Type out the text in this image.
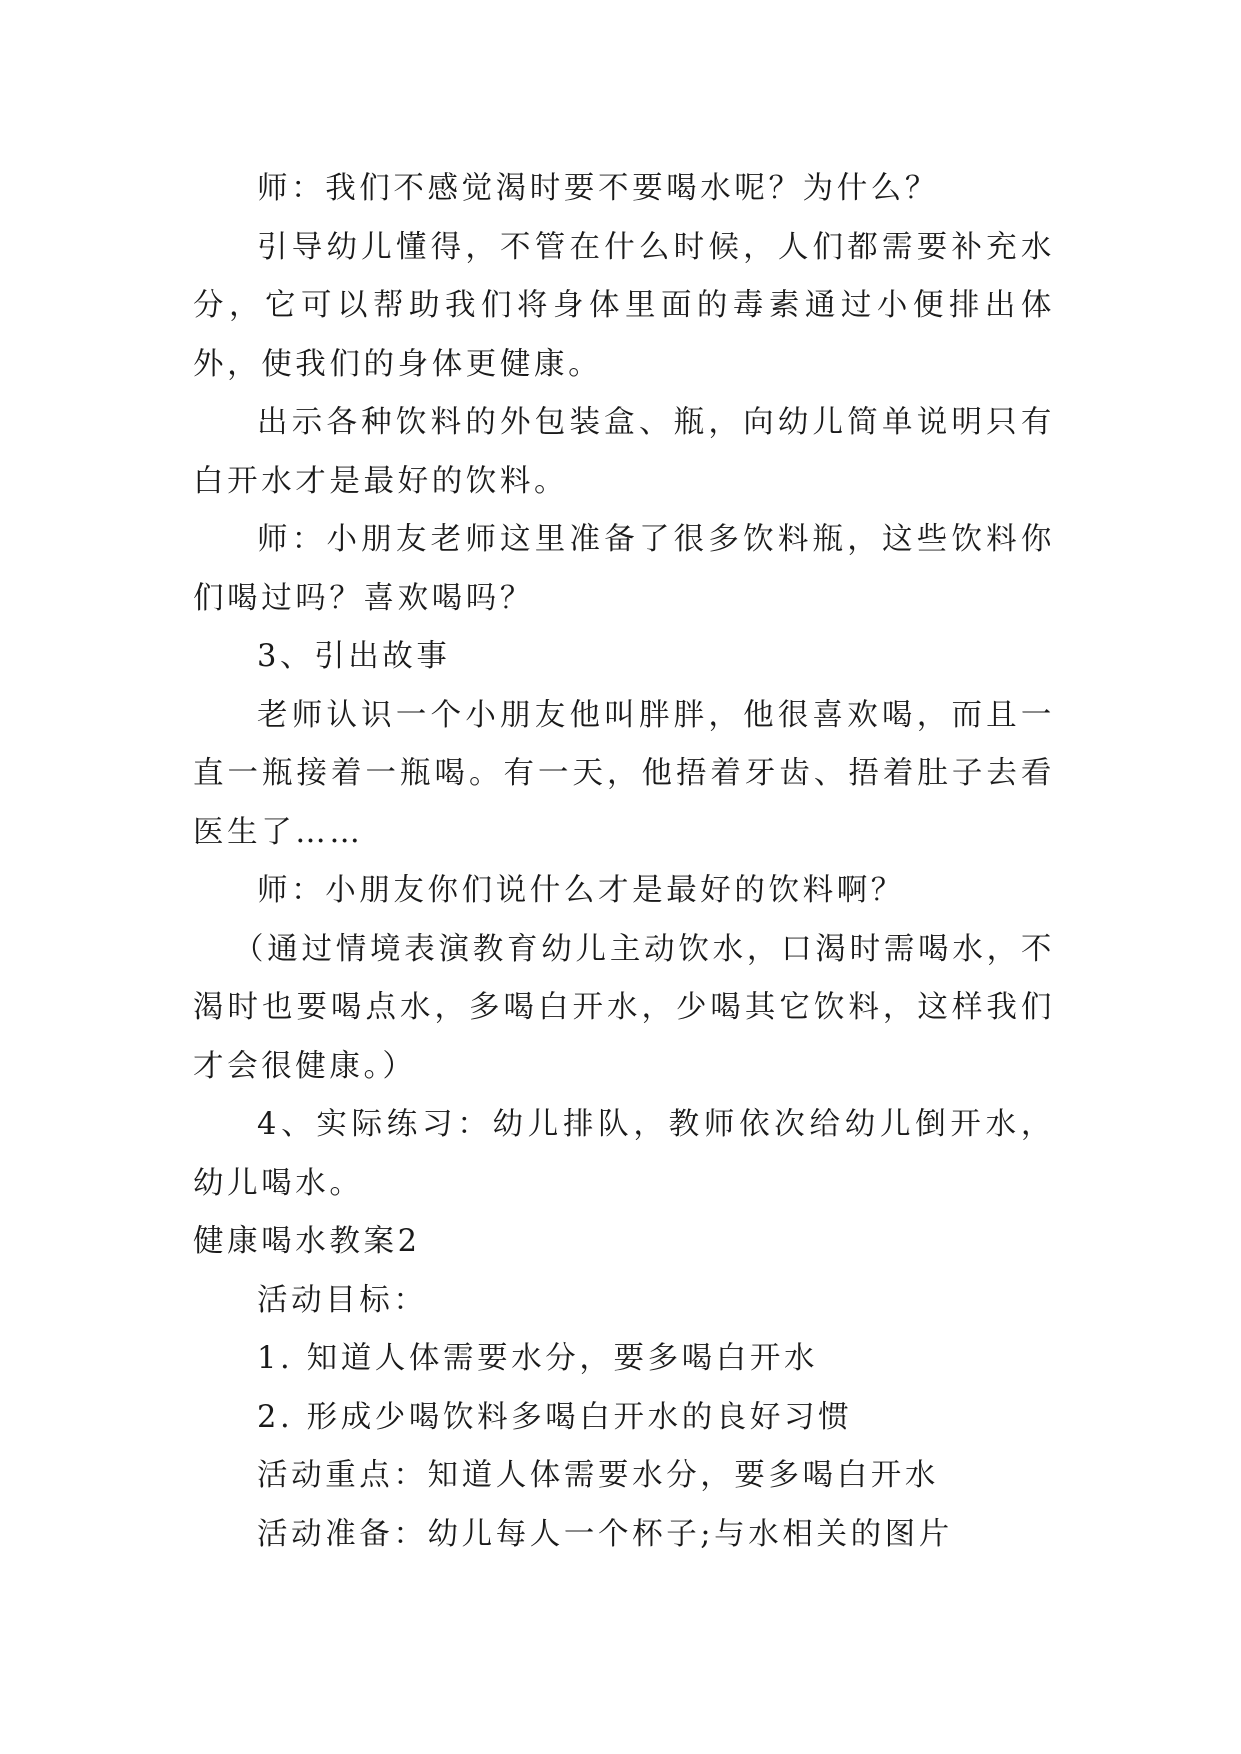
师：我们不感觉渴时要不要喝水呢？为什么？

引导幼儿懂得，不管在什么时候，人们都需要补充水分，它可以帮助我们将身体里面的毒素通过小便排出体外，使我们的身体更健康。

出示各种饮料的外包装盒、瓶，向幼儿简单说明只有白开水才是最好的饮料。

师：小朋友老师这里准备了很多饮料瓶，这些饮料你们喝过吗？喜欢喝吗？

3、引出故事

老师认识一个小朋友他叫胖胖，他很喜欢喝，而且一直一瓶接着一瓶喝。有一天，他捂着牙齿、捂着肚子去看医生了……

师：小朋友你们说什么才是最好的饮料啊？

（通过情境表演教育幼儿主动饮水，口渴时需喝水，不渴时也要喝点水，多喝白开水，少喝其它饮料，这样我们才会很健康。）

4、实际练习：幼儿排队，教师依次给幼儿倒开水，幼儿喝水。

健康喝水教案2

活动目标：

1. 知道人体需要水分，要多喝白开水

2. 形成少喝饮料多喝白开水的良好习惯

活动重点：知道人体需要水分，要多喝白开水

活动准备：幼儿每人一个杯子;与水相关的图片
